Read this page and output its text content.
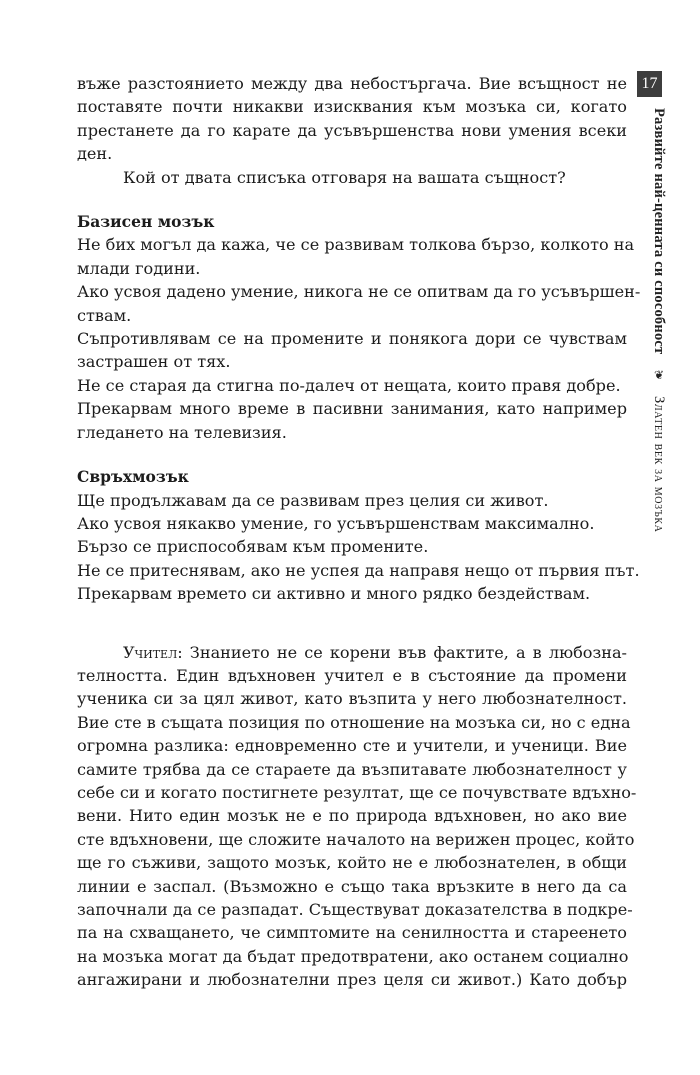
17
Развийте най-ценната си способност
❦
Златен век за мозъка
въже разстоянието между два небостъргача. Вие всъщност не
поставяте почти никакви изисквания към мозъка си, когато
престанете да го карате да усъвършенства нови умения всеки
ден.
Кой от двата списъка отговаря на вашата същност?
Базисен мозък
Не бих могъл да кажа, че се развивам толкова бързо, колкото на
млади години.
Ако усвоя дадено умение, никога не се опитвам да го усъвършен-
ствам.
Съпротивлявам се на промените и понякога дори се чувствам
застрашен от тях.
Не се старая да стигна по-далеч от нещата, които правя добре.
Прекарвам много време в пасивни занимания, като например
гледането на телевизия.
Свръхмозък
Ще продължавам да се развивам през целия си живот.
Ако усвоя някакво умение, го усъвършенствам максимално.
Бързо се приспособявам към промените.
Не се притеснявам, ако не успея да направя нещо от първия път.
Прекарвам времето си активно и много рядко бездействам.
Учител: Знанието не се корени във фактите, а в любозна-
телността. Един вдъхновен учител е в състояние да промени
ученика си за цял живот, като възпита у него любознателност.
Вие сте в същата позиция по отношение на мозъка си, но с една
огромна разлика: едновременно сте и учители, и ученици. Вие
самите трябва да се стараете да възпитавате любознателност у
себе си и когато постигнете резултат, ще се почувствате вдъхно-
вени. Нито един мозък не е по природа вдъхновен, но ако вие
сте вдъхновени, ще сложите началото на верижен процес, който
ще го съживи, защото мозък, който не е любознателен, в общи
линии е заспал. (Възможно е също така връзките в него да са
започнали да се разпадат. Съществуват доказателства в подкре-
па на схващането, че симптомите на сенилността и стареенето
на мозъка могат да бъдат предотвратени, ако останем социално
ангажирани и любознателни през целя си живот.) Като добър
